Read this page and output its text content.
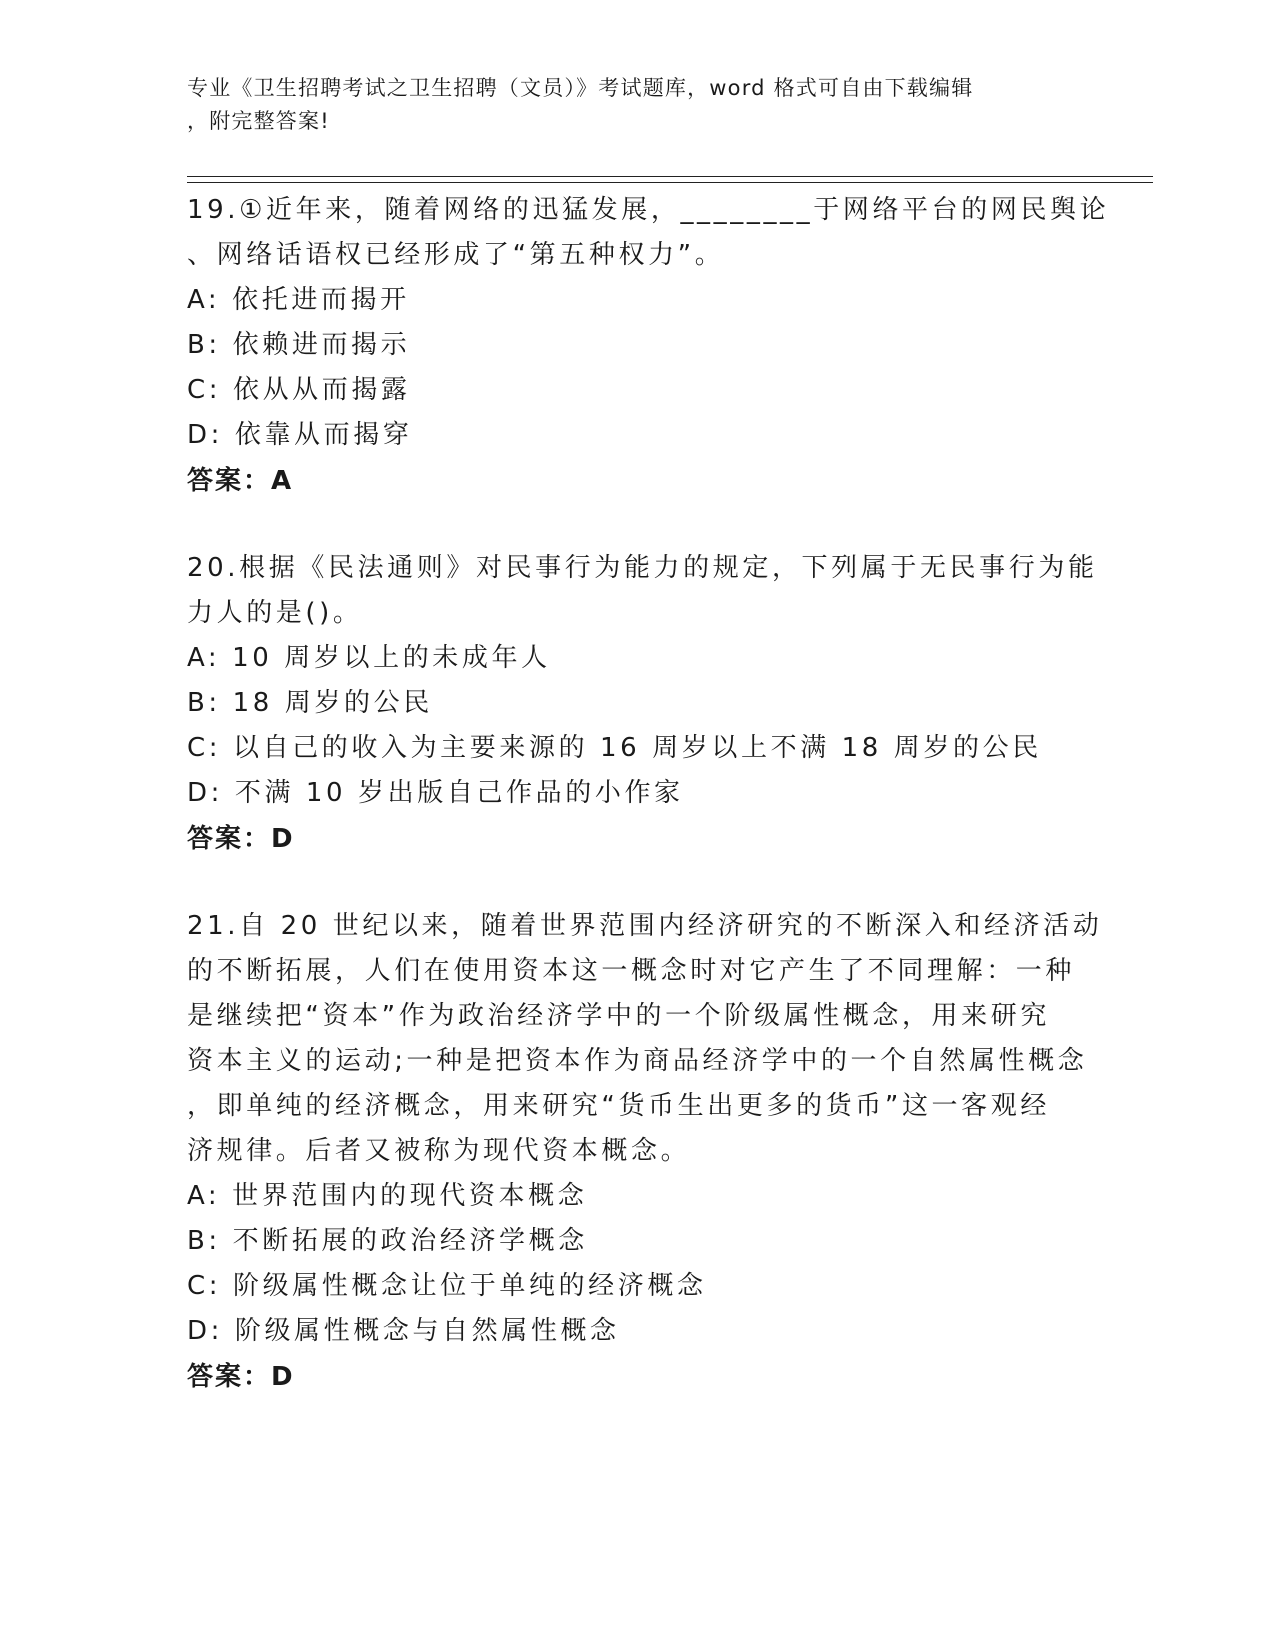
专业《卫生招聘考试之卫生招聘（文员）》考试题库，word 格式可自由下载编辑
，附完整答案!
19.①近年来，随着网络的迅猛发展，________于网络平台的网民舆论
、网络话语权已经形成了“第五种权力”。
A: 依托进而揭开
B: 依赖进而揭示
C: 依从从而揭露
D: 依靠从而揭穿
答案：A
20.根据《民法通则》对民事行为能力的规定，下列属于无民事行为能
力人的是()。
A: 10 周岁以上的未成年人
B: 18 周岁的公民
C: 以自己的收入为主要来源的 16 周岁以上不满 18 周岁的公民
D: 不满 10 岁出版自己作品的小作家
答案：D
21.自 20 世纪以来，随着世界范围内经济研究的不断深入和经济活动
的不断拓展，人们在使用资本这一概念时对它产生了不同理解：一种
是继续把“资本”作为政治经济学中的一个阶级属性概念，用来研究
资本主义的运动;一种是把资本作为商品经济学中的一个自然属性概念
，即单纯的经济概念，用来研究“货币生出更多的货币”这一客观经
济规律。后者又被称为现代资本概念。
A: 世界范围内的现代资本概念
B: 不断拓展的政治经济学概念
C: 阶级属性概念让位于单纯的经济概念
D: 阶级属性概念与自然属性概念
答案：D
